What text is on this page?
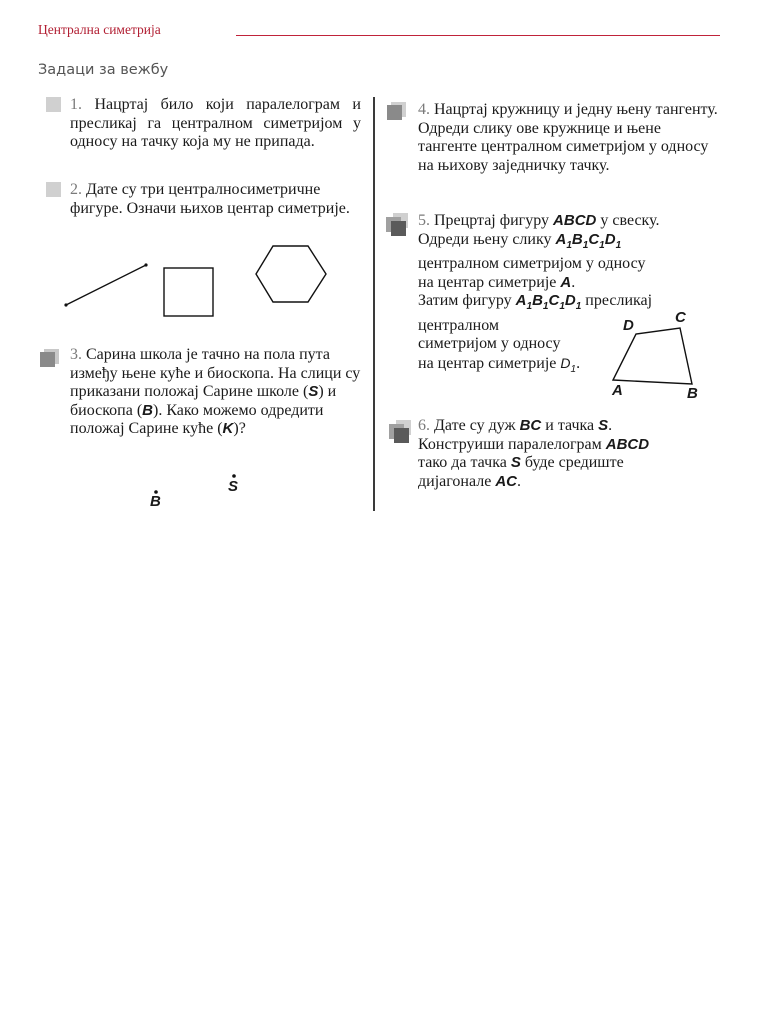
Централна симетрија
Задаци за вежбу
1. Нацртај било који паралелограм и пресликај га централном симетријом у односу на тачку која му не припада.
2. Дате су три централносиметричне фигуре. Означи њихов центар симетрије.
3. Сарина школа је тачно на пола пута између њене куће и биоскопа. На слици су приказани положај Сарине школе (S) и биоскопа (B). Како можемо одредити положај Сарине куће (K)?
S
B
4. Нацртај кружницу и једну њену тангенту. Одреди слику ове кружнице и њене тангенте централном симетријом у односу на њихову заједничку тачку.
5. Прецртај фигуру ABCD у свеску.
Одреди њену слику $A_1B_1C_1D_1$
централном симетријом у односу
на центар симетрије A.
Затим фигуру $A_1B_1C_1D_1$ пресликај
централном
симетријом у односу
на центар симетрије $D_1$.
A	B
C
D
6. Дате су дуж BC и тачка S.
Конструиши паралелограм ABCD
тако да тачка S буде средиште
дијагонале AC.
